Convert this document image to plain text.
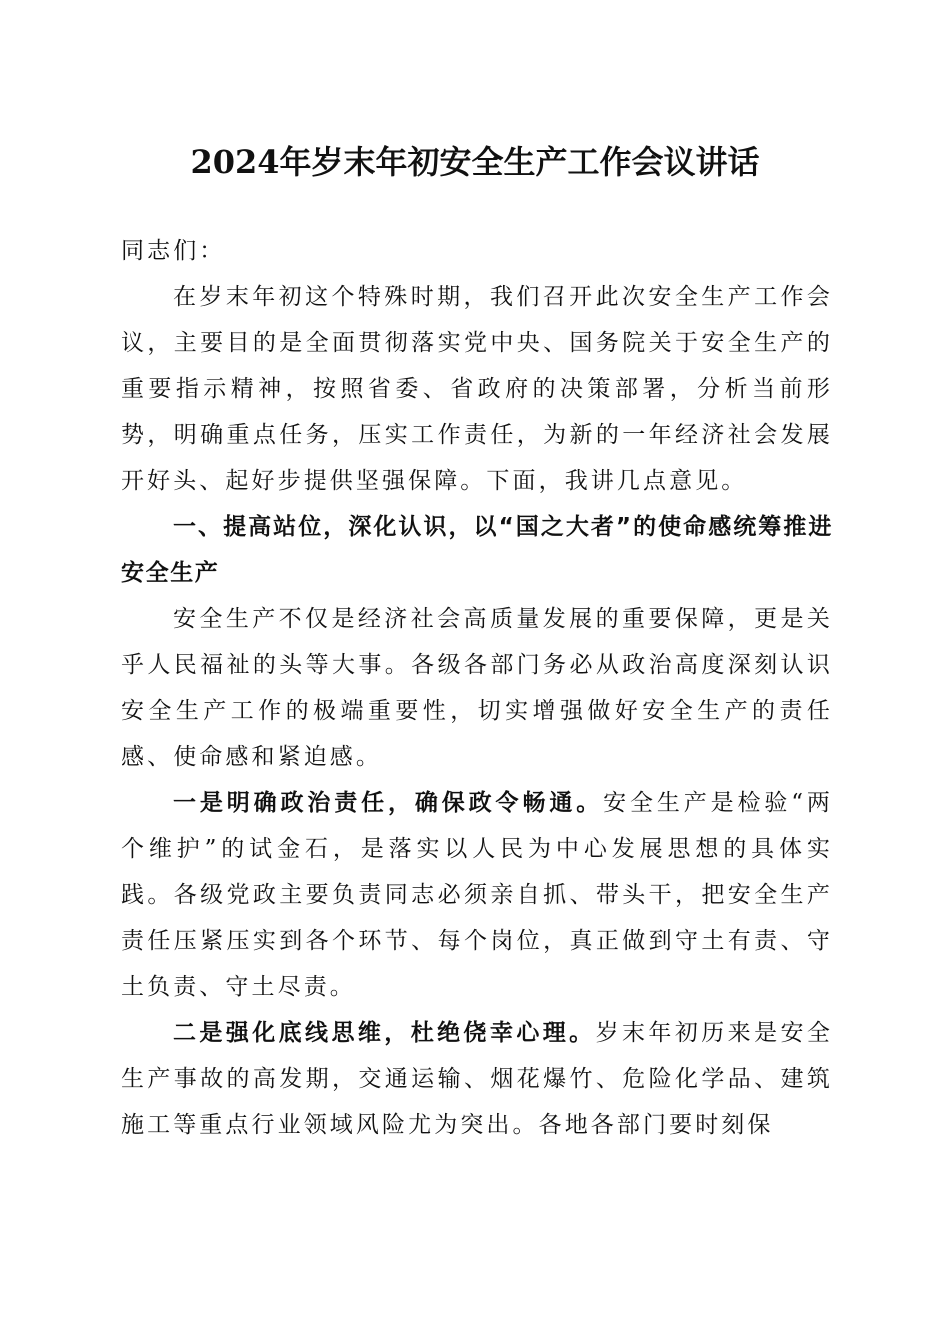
2024年岁末年初安全生产工作会议讲话

同志们：

在岁末年初这个特殊时期，我们召开此次安全生产工作会议，主要目的是全面贯彻落实党中央、国务院关于安全生产的重要指示精神，按照省委、省政府的决策部署，分析当前形势，明确重点任务，压实工作责任，为新的一年经济社会发展开好头、起好步提供坚强保障。下面，我讲几点意见。

一、提高站位，深化认识，以“国之大者”的使命感统筹推进安全生产

安全生产不仅是经济社会高质量发展的重要保障，更是关乎人民福祉的头等大事。各级各部门务必从政治高度深刻认识安全生产工作的极端重要性，切实增强做好安全生产的责任感、使命感和紧迫感。

一是明确政治责任，确保政令畅通。安全生产是检验“两个维护”的试金石，是落实以人民为中心发展思想的具体实践。各级党政主要负责同志必须亲自抓、带头干，把安全生产责任压紧压实到各个环节、每个岗位，真正做到守土有责、守土负责、守土尽责。

二是强化底线思维，杜绝侥幸心理。岁末年初历来是安全生产事故的高发期，交通运输、烟花爆竹、危险化学品、建筑施工等重点行业领域风险尤为突出。各地各部门要时刻保
